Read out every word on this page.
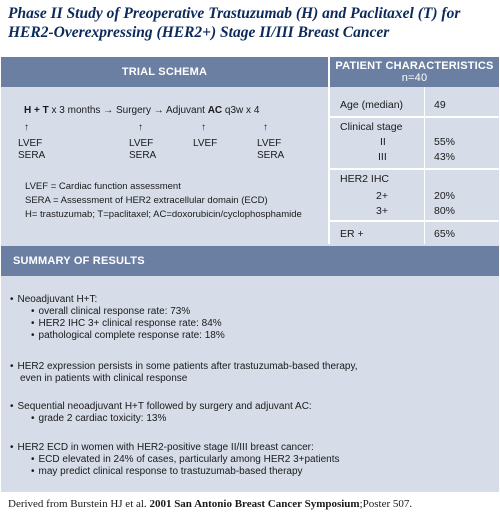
Phase II Study of Preoperative Trastuzumab (H) and Paclitaxel (T) for
HER2-Overexpressing (HER2+) Stage II/III Breast Cancer
TRIAL SCHEMA	PATIENT CHARACTERISTICS
n=40
H + T x 3 months → Surgery → Adjuvant AC q3w x 4
↑	↑	↑	↑
LVEF
SERA
LVEF
SERA
LVEF	LVEF
SERA
LVEF = Cardiac function assessment
SERA = Assessment of HER2 extracellular domain (ECD)
H= trastuzumab; T=paclitaxel; AC=doxorubicin/cyclophosphamide
Age (median)	49
Clinical stage
II	55%
III	43%
HER2 IHC
2+	20%
3+	80%
ER +	65%
SUMMARY OF RESULTS
• Neoadjuvant H+T:
• overall clinical response rate: 73%
• HER2 IHC 3+ clinical response rate: 84%
• pathological complete response rate: 18%
• HER2 expression persists in some patients after trastuzumab-based therapy,
even in patients with clinical response
• Sequential neoadjuvant H+T followed by surgery and adjuvant AC:
• grade 2 cardiac toxicity: 13%
• HER2 ECD in women with HER2-positive stage II/III breast cancer:
• ECD elevated in 24% of cases, particularly among HER2 3+patients
• may predict clinical response to trastuzumab-based therapy
Derived from Burstein HJ et al. 2001 San Antonio Breast Cancer Symposium;Poster 507.
